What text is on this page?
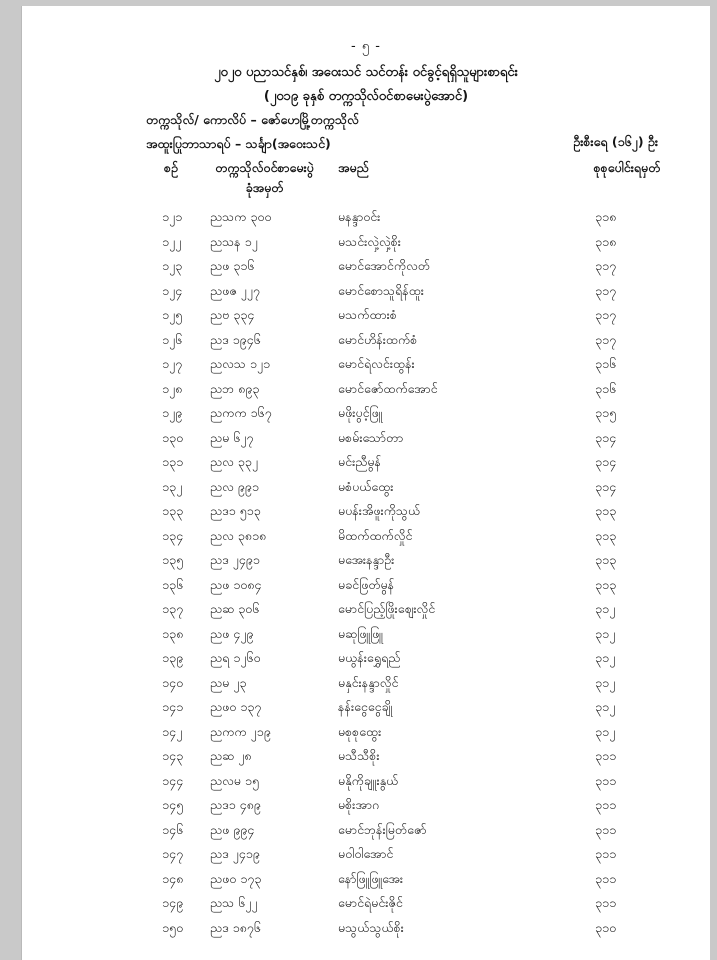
- ၅ -
၂၀၂၀ ပညာသင်နှစ်၊ အဝေးသင် သင်တန်း ဝင်ခွင့်ရရှိသူများစာရင်း
(၂၀၁၉ ခုနှစ် တက္ကသိုလ်ဝင်စာမေးပွဲအောင်)
တက္ကသိုလ်/ ကောလိပ် – ဇော်ဟေမြို့တက္ကသိုလ်
အထူးပြုဘာသာရပ် – သင်္ချာ(အဝေးသင်)	ဦးစီးရေ (၁၆၂) ဦး
စဉ်	တက္ကသိုလ်ဝင်စာမေးပွဲ
ခုံအမှတ်
အမည်	စုစုပေါင်းရမှတ်
၁၂၁ ညသက ၃၀၀	မနန္ဒာဝင်း	၃၁၈
၁၂၂ ညသန ၁၂	မသင်းလှဲ့လှဲ့စိုး	၃၁၈
၁၂၃ ညဖ ၃၁၆	မောင်အောင်ကိုလတ်	၃၁၇
၁၂၄ ညဖဇ ၂၂၇	မောင်စောသူရိန်ထူး	၃၁၇
၁၂၅ ညဗ ၃၃၄	မသက်ထားစံ	၃၁၇
၁၂၆ ညဒ ၁၉၄၆	မောင်ဟိန်းထက်စံ	၃၁၇
၁၂၇ ညလသ ၁၂၁	မောင်ရဲလင်းထွန်း	၃၁၆
၁၂၈ ညဘ ၈၉၃	မောင်ဇော်ထက်အောင်	၃၁၆
၁၂၉ ညကက ၁၆၇	မဖိုးပွင့်ဖြူ	၃၁၅
၁၃၀ ညမ ၆၂၇	မစမ်းသော်တာ	၃၁၄
၁၃၁ ညလ ၃၃၂	မင်းညီမွန်	၃၁၄
၁၃၂ ညလ ၉၉၁	မစံပယ်ထွေး	၃၁၄
၁၃၃ ညဒ၁ ၅၁၃	မပန်းအိဖူးကိုသွယ်	၃၁၃
၁၃၄ ညလ ၃၈၁၈	မိထက်ထက်လှိုင်	၃၁၃
၁၃၅ ညဒ ၂၄၉၁	မအေးနန္ဒာဦး	၃၁၃
၁၃၆ ညဖ ၁၀၈၄	မခင်ဖြတ်မွန်	၃၁၃
၁၃၇ ညဆ ၃၀၆	မောင်ပြည့်ဖြိုးဈေးလှိုင်	၃၁၂
၁၃၈ ညဖ ၄၂၉	မဆုဖြူဖြူ	၃၁၂
၁၃၉ ညရ ၁၂၆၀	မယွန်းရွှေရည်	၃၁၂
၁၄၀ ညမ ၂၃	မနှင်းနန္ဒာလှိုင်	၃၁၂
၁၄၁ ညဖဝ ၁၃၇	နန်းငွေငွေချို	၃၁၂
၁၄၂ ညကက ၂၁၉	မစုစုထွေး	၃၁၂
၁၄၃ ညဆ ၂၈	မသီသီစိုး	၃၁၁
၁၄၄ ညလမ ၁၅	မနိုကိုချူးနွယ်	၃၁၁
၁၄၅ ညဒ၁ ၄၈၉	မစိုးအာဂ	၃၁၁
၁၄၆ ညဖ ၉၉၄	မောင်ဘုန်းမြတ်ဇော်	၃၁၁
၁၄၇ ညဒ ၂၄၁၉	မဝါဝါအောင်	၃၁၁
၁၄၈ ညဖဝ ၁၇၃	နော်ဖြူဖြူအေး	၃၁၁
၁၄၉ ညသ ၆၂၂	မောင်ရဲမင်းဇိုင်	၃၁၁
၁၅၀ ညဒ ၁၈၇၆	မသွယ်သွယ်စိုး	၃၁၀
